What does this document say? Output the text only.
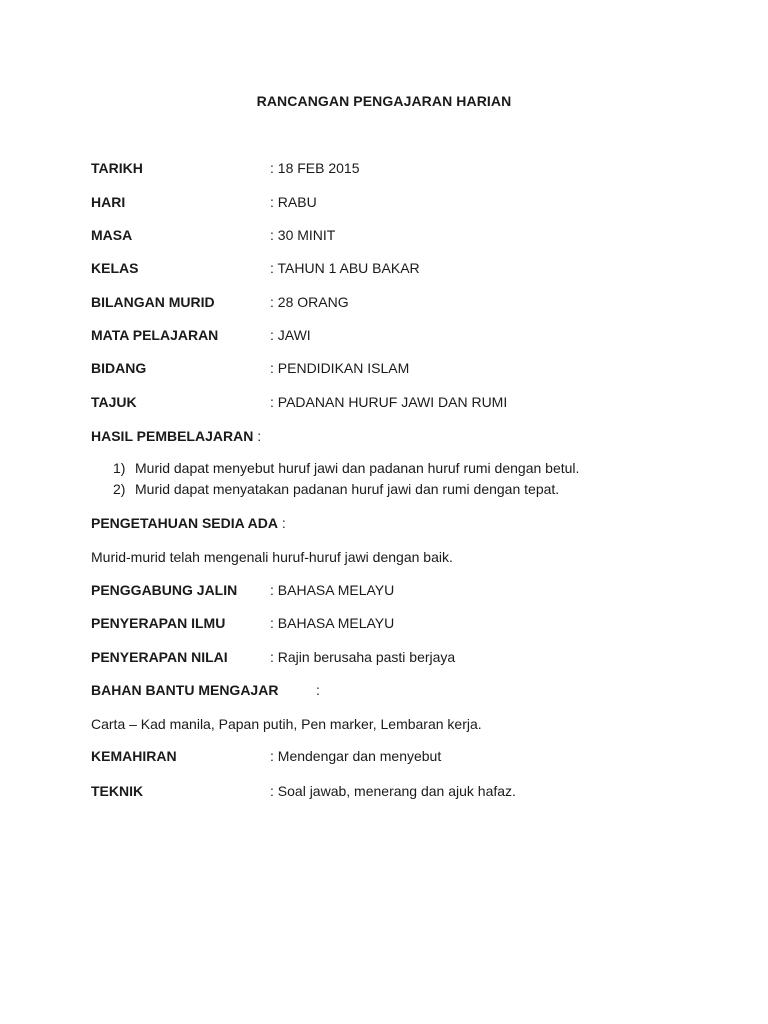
RANCANGAN PENGAJARAN HARIAN
TARIKH	: 18 FEB 2015
HARI	: RABU
MASA	: 30 MINIT
KELAS	: TAHUN 1 ABU BAKAR
BILANGAN MURID	: 28 ORANG
MATA PELAJARAN	: JAWI
BIDANG	: PENDIDIKAN ISLAM
TAJUK	: PADANAN HURUF JAWI DAN RUMI
HASIL PEMBELAJARAN :
1) Murid dapat menyebut huruf jawi dan padanan huruf rumi dengan betul.
2) Murid dapat menyatakan padanan huruf jawi dan rumi dengan tepat.
PENGETAHUAN SEDIA ADA :
Murid-murid telah mengenali huruf-huruf jawi dengan baik.
PENGGABUNG JALIN : BAHASA MELAYU
PENYERAPAN ILMU	: BAHASA MELAYU
PENYERAPAN NILAI	: Rajin berusaha pasti berjaya
BAHAN BANTU MENGAJAR	:
Carta – Kad manila, Papan putih, Pen marker, Lembaran kerja.
KEMAHIRAN	: Mendengar dan menyebut
TEKNIK	: Soal jawab, menerang dan ajuk hafaz.
